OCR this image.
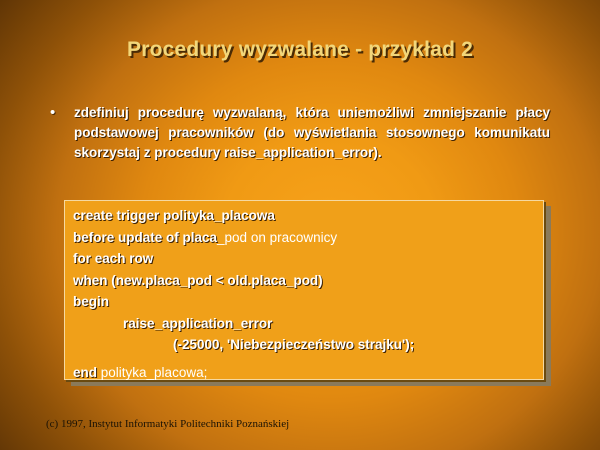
Procedury wyzwalane - przykład 2
• zdefiniuj procedurę wyzwalaną, która uniemożliwi zmniejszanie płacy podstawowej pracowników (do wyświetlania stosownego komunikatu skorzystaj z procedury raise_application_error).
create trigger polityka_placowa
before update of placa_pod on pracownicy
for each row
when (new.placa_pod < old.placa_pod)
begin
raise_application_error
(-25000, 'Niebezpieczeństwo strajku');
end polityka_placowa;
(c) 1997, Instytut Informatyki Politechniki Poznańskiej
